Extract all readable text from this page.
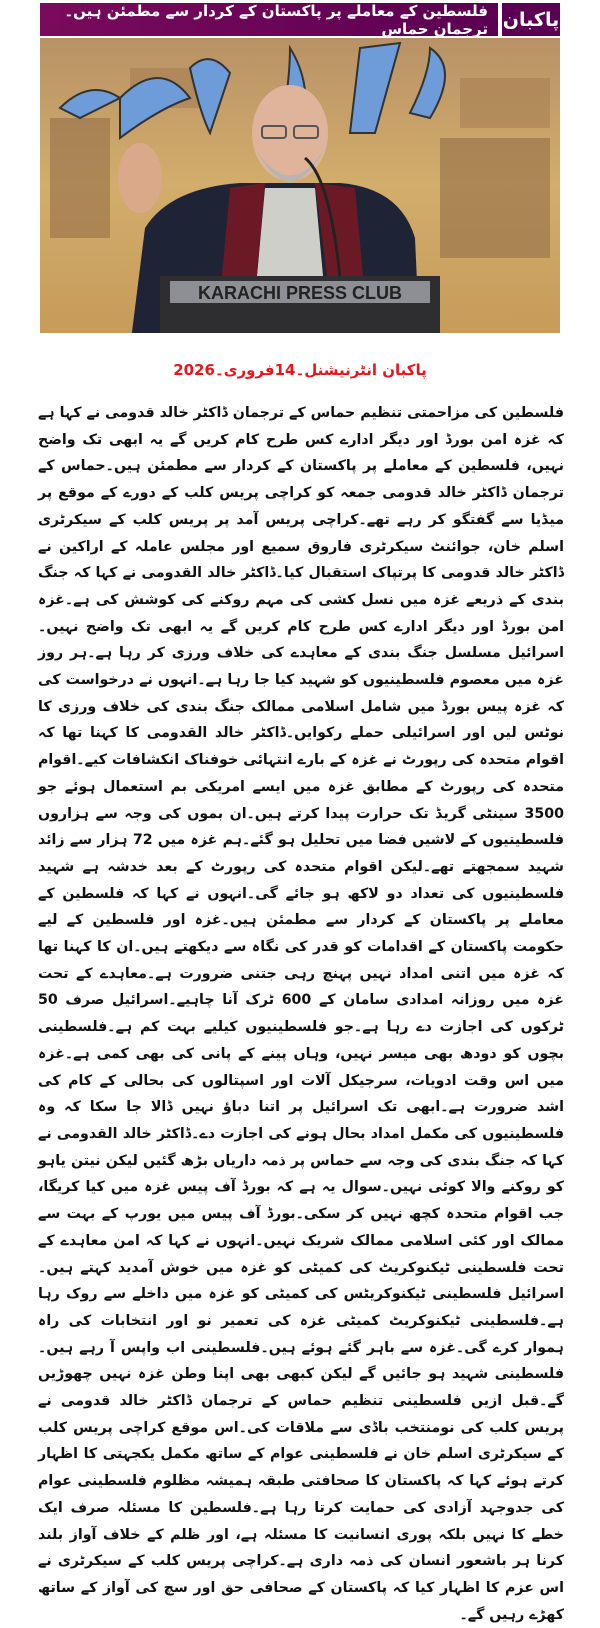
فلسطین کے معاملے پر پاکستان کے کردار سے مطمئن ہیں۔ترجمان حماس پاکبان
KARACHI PRESS CLUB
پاکبان انٹرنیشنل۔14فروری۔2026
فلسطین کی مزاحمتی تنظیم حماس کے ترجمان ڈاکٹر خالد قدومی نے کہا ہے کہ غزہ امن بورڈ اور دیگر ادارے کس طرح کام کریں گے یہ ابھی تک واضح نہیں، فلسطین کے معاملے پر پاکستان کے کردار سے مطمئن ہیں۔حماس کے ترجمان ڈاکٹر خالد قدومی جمعہ کو کراچی پریس کلب کے دورے کے موقع پر میڈیا سے گفتگو کر رہے تھے۔کراچی پریس آمد پر پریس کلب کے سیکرٹری اسلم خان، جوائنٹ سیکرٹری فاروق سمیع اور مجلس عاملہ کے اراکین نے ڈاکٹر خالد قدومی کا پرتپاک استقبال کیا۔ڈاکٹر خالد القدومی نے کہا کہ جنگ بندی کے ذریعے غزہ میں نسل کشی کی مہم روکنے کی کوشش کی ہے۔غزہ امن بورڈ اور دیگر ادارے کس طرح کام کریں گے یہ ابھی تک واضح نہیں۔اسرائیل مسلسل جنگ بندی کے معاہدے کی خلاف ورزی کر رہا ہے۔ہر روز غزہ میں معصوم فلسطینیوں کو شہید کیا جا رہا ہے۔انہوں نے درخواست کی کہ غزہ پیس بورڈ میں شامل اسلامی ممالک جنگ بندی کی خلاف ورزی کا نوٹس لیں اور اسرائیلی حملے رکوایں۔ڈاکٹر خالد القدومی کا کہنا تھا کہ اقوام متحدہ کی رپورٹ نے غزہ کے بارے انتہائی خوفناک انکشافات کیے۔اقوام متحدہ کی رپورٹ کے مطابق غزہ میں ایسے امریکی بم استعمال ہوئے جو 3500 سینٹی گریڈ تک حرارت پیدا کرتے ہیں۔ان بموں کی وجہ سے ہزاروں فلسطینیوں کے لاشیں فضا میں تحلیل ہو گئے۔ہم غزہ میں 72 ہزار سے زائد شہید سمجھتے تھے۔لیکن اقوام متحدہ کی رپورٹ کے بعد خدشہ ہے شہید فلسطینیوں کی تعداد دو لاکھ ہو جائے گی۔انہوں نے کہا کہ فلسطین کے معاملے پر پاکستان کے کردار سے مطمئن ہیں۔غزہ اور فلسطین کے لیے حکومت پاکستان کے اقدامات کو قدر کی نگاہ سے دیکھتے ہیں۔ان کا کہنا تھا کہ غزہ میں اتنی امداد نہیں پہنچ رہی جتنی ضرورت ہے۔معاہدے کے تحت غزہ میں روزانہ امدادی سامان کے 600 ٹرک آنا چاہیے۔اسرائیل صرف 50 ٹرکوں کی اجازت دے رہا ہے۔جو فلسطینیوں کیلیے بہت کم ہے۔فلسطینی بچوں کو دودھ بھی میسر نہیں، وہاں پینے کے پانی کی بھی کمی ہے۔غزہ میں اس وقت ادویات، سرجیکل آلات اور اسپتالوں کی بحالی کے کام کی اشد ضرورت ہے۔ابھی تک اسرائیل پر اتنا دباؤ نہیں ڈالا جا سکا کہ وہ فلسطینیوں کی مکمل امداد بحال ہونے کی اجازت دے۔ڈاکٹر خالد القدومی نے کہا کہ جنگ بندی کی وجہ سے حماس پر ذمہ داریاں بڑھ گئیں لیکن نیتن یاہو کو روکنے والا کوئی نہیں۔سوال یہ ہے کہ بورڈ آف پیس غزہ میں کیا کریگا، جب اقوام متحدہ کچھ نہیں کر سکی۔بورڈ آف پیس میں یورپ کے بہت سے ممالک اور کئی اسلامی ممالک شریک نہیں۔انہوں نے کہا کہ امن معاہدے کے تحت فلسطینی ٹیکنوکریٹ کی کمیٹی کو غزہ میں خوش آمدید کہتے ہیں۔اسرائیل فلسطینی ٹیکنوکریٹس کی کمیٹی کو غزہ میں داخلے سے روک رہا ہے۔فلسطینی ٹیکنوکریٹ کمیٹی غزہ کی تعمیر نو اور انتخابات کی راہ ہموار کرے گی۔غزہ سے باہر گئے ہوئے ہیں۔فلسطینی اب واپس آ رہے ہیں۔فلسطینی شہید ہو جائیں گے لیکن کبھی بھی اپنا وطن غزہ نہیں چھوڑیں گے۔قبل ازیں فلسطینی تنظیم حماس کے ترجمان ڈاکٹر خالد قدومی نے پریس کلب کی نومنتخب باڈی سے ملاقات کی۔اس موقع کراچی پریس کلب کے سیکرٹری اسلم خان نے فلسطینی عوام کے ساتھ مکمل یکجہتی کا اظہار کرتے ہوئے کہا کہ پاکستان کا صحافتی طبقہ ہمیشہ مظلوم فلسطینی عوام کی جدوجہد آزادی کی حمایت کرتا رہا ہے۔فلسطین کا مسئلہ صرف ایک خطے کا نہیں بلکہ پوری انسانیت کا مسئلہ ہے، اور ظلم کے خلاف آواز بلند کرنا ہر باشعور انسان کی ذمہ داری ہے۔کراچی پریس کلب کے سیکرٹری نے اس عزم کا اظہار کیا کہ پاکستان کے صحافی حق اور سچ کی آواز کے ساتھ کھڑے رہیں گے۔
